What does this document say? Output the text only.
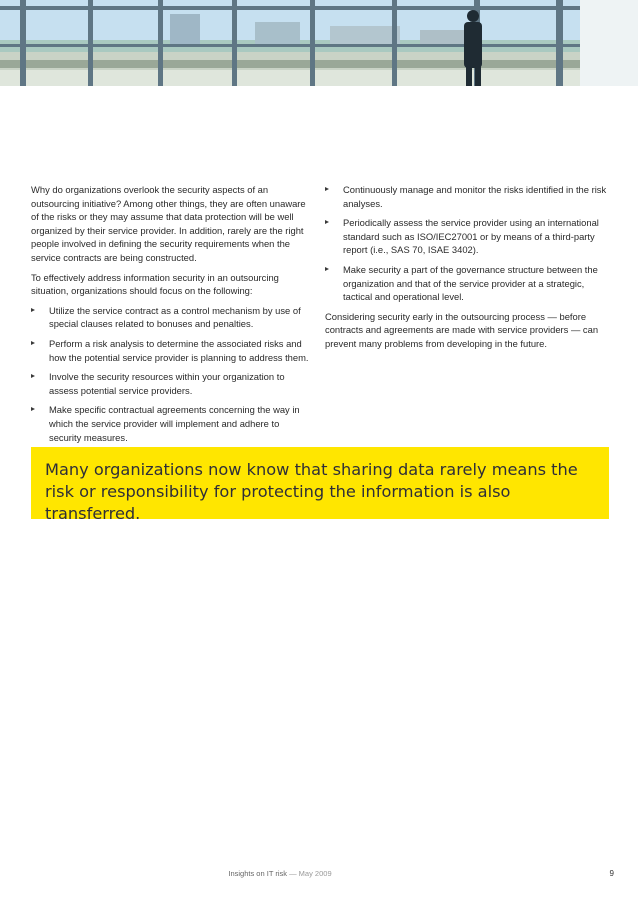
Why do organizations overlook the security aspects of an outsourcing initiative? Among other things, they are often unaware of the risks or they may assume that data protection will be well organized by their service provider. In addition, rarely are the right people involved in defining the security requirements when the service contracts are being constructed.

To effectively address information security in an outsourcing situation, organizations should focus on the following:

Utilize the service contract as a control mechanism by use of special clauses related to bonuses and penalties.
Perform a risk analysis to determine the associated risks and how the potential service provider is planning to address them.
Involve the security resources within your organization to assess potential service providers.
Make specific contractual agreements concerning the way in which the service provider will implement and adhere to security measures.
Continuously manage and monitor the risks identified in the risk analyses.
Periodically assess the service provider using an international standard such as ISO/IEC27001 or by means of a third-party report (i.e., SAS 70, ISAE 3402).
Make security a part of the governance structure between the organization and that of the service provider at a strategic, tactical and operational level.

Considering security early in the outsourcing process — before contracts and agreements are made with service providers — can prevent many problems from developing in the future.

Many organizations now know that sharing data rarely means the risk or responsibility for protecting the information is also transferred.
Insights on IT risk — May 2009	9
